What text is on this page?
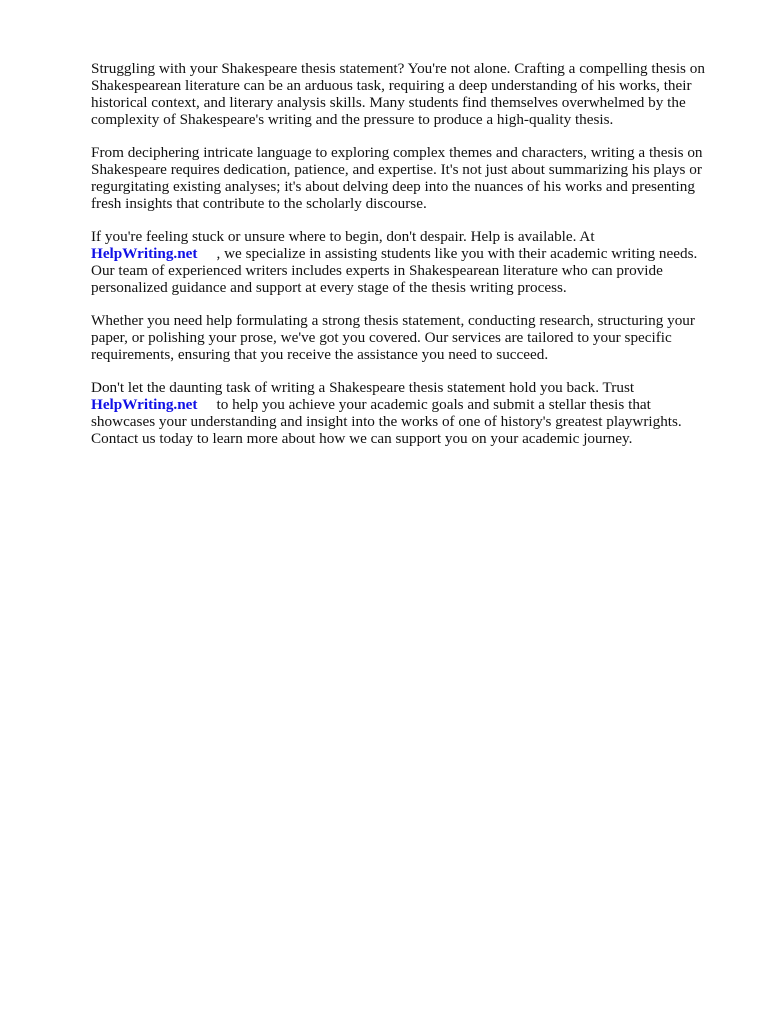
Struggling with your Shakespeare thesis statement? You're not alone. Crafting a compelling thesis on
Shakespearean literature can be an arduous task, requiring a deep understanding of his works, their
historical context, and literary analysis skills. Many students find themselves overwhelmed by the
complexity of Shakespeare's writing and the pressure to produce a high-quality thesis.
From deciphering intricate language to exploring complex themes and characters, writing a thesis on
Shakespeare requires dedication, patience, and expertise. It's not just about summarizing his plays or
regurgitating existing analyses; it's about delving deep into the nuances of his works and presenting
fresh insights that contribute to the scholarly discourse.
If you're feeling stuck or unsure where to begin, don't despair. Help is available. At
HelpWriting.net , we specialize in assisting students like you with their academic writing needs.
Our team of experienced writers includes experts in Shakespearean literature who can provide
personalized guidance and support at every stage of the thesis writing process.
Whether you need help formulating a strong thesis statement, conducting research, structuring your
paper, or polishing your prose, we've got you covered. Our services are tailored to your specific
requirements, ensuring that you receive the assistance you need to succeed.
Don't let the daunting task of writing a Shakespeare thesis statement hold you back. Trust
HelpWriting.net to help you achieve your academic goals and submit a stellar thesis that
showcases your understanding and insight into the works of one of history's greatest playwrights.
Contact us today to learn more about how we can support you on your academic journey.
